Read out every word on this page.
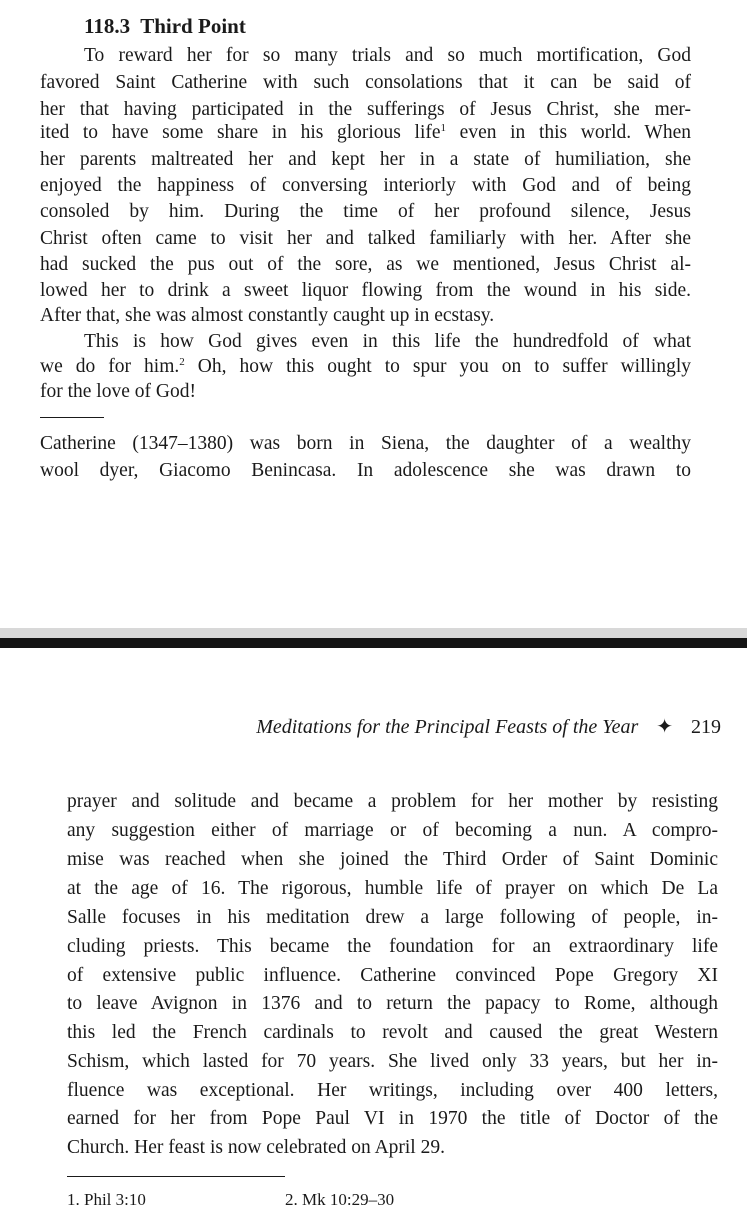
118.3 Third Point
To reward her for so many trials and so much mortification, God
favored Saint Catherine with such consolations that it can be said of
her that having participated in the sufferings of Jesus Christ, she mer-
ited to have some share in his glorious life$^1$ even in this world. When
her parents maltreated her and kept her in a state of humiliation, she
enjoyed the happiness of conversing interiorly with God and of being
consoled by him. During the time of her profound silence, Jesus
Christ often came to visit her and talked familiarly with her. After she
had sucked the pus out of the sore, as we mentioned, Jesus Christ al-
lowed her to drink a sweet liquor flowing from the wound in his side.
After that, she was almost constantly caught up in ecstasy.
This is how God gives even in this life the hundredfold of what
we do for him.$^2$ Oh, how this ought to spur you on to suffer willingly
for the love of God!
Catherine (1347–1380) was born in Siena, the daughter of a wealthy
wool dyer, Giacomo Benincasa. In adolescence she was drawn to
Meditations for the Principal Feasts of the Year ✦ 219
prayer and solitude and became a problem for her mother by resisting
any suggestion either of marriage or of becoming a nun. A compro-
mise was reached when she joined the Third Order of Saint Dominic
at the age of 16. The rigorous, humble life of prayer on which De La
Salle focuses in his meditation drew a large following of people, in-
cluding priests. This became the foundation for an extraordinary life
of extensive public influence. Catherine convinced Pope Gregory XI
to leave Avignon in 1376 and to return the papacy to Rome, although
this led the French cardinals to revolt and caused the great Western
Schism, which lasted for 70 years. She lived only 33 years, but her in-
fluence was exceptional. Her writings, including over 400 letters,
earned for her from Pope Paul VI in 1970 the title of Doctor of the
Church. Her feast is now celebrated on April 29.
1. Phil 3:10	2. Mk 10:29–30
